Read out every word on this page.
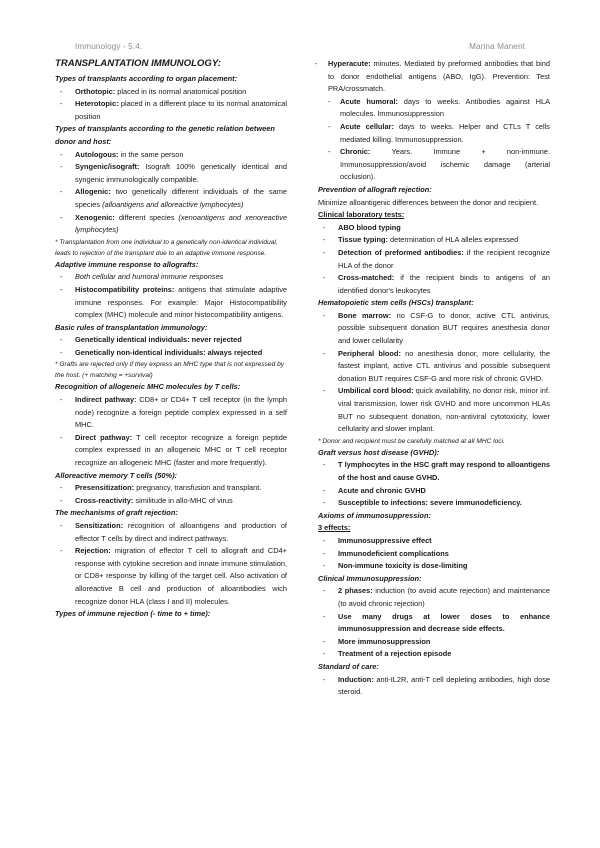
Immunology - 5.4.	Marina Manent
TRANSPLANTATION IMMUNOLOGY:
Types of transplants according to organ placement:
- Orthotopic: placed in its normal anatomical position
- Heterotopic: placed in a different place to its normal anatomical position
Types of transplants according to the genetic relation between donor and host:
- Autologous: in the same person
- Syngenic/isograft: Isograft 100% genetically identical and syngenic immunologically compatible.
- Allogenic: two genetically different individuals of the same species (alloantigens and alloreactive lymphocytes)
- Xenogenic: different species (xenoantigens and xenoreactive lymphocytes)

* Transplantation from one individual to a genetically non-identical individual, leads to rejection of the transplant due to an adaptive immune response.

Adaptive immune response to allografts:
- Both cellular and humoral immune responses
- Histocompatibility proteins: antigens that stimulate adaptive immune responses. For example: Major Histocompatibility complex (MHC) molecule and minor histocompatibility antigens.
Basic rules of transplantation immunology:
- Genetically identical individuals: never rejected
- Genetically non-identical individuals: always rejected

* Grafts are rejected only if they express an MHC type that is not expressed by the host. (+ matching = +survival)

Recognition of allogeneic MHC molecules by T cells:
- Indirect pathway: CD8+ or CD4+ T cell receptor (in the lymph node) recognize a foreign peptide complex expressed in a self MHC.
- Direct pathway: T cell receptor recognize a foreign peptide complex expressed in an allogeneic MHC or T cell receptor recognize an allogeneic MHC (faster and more frequently).
Alloreactive memory T cells (50%):
- Presensitization: pregnancy, transfusion and transplant.
- Cross-reactivity: similitude in allo-MHC of virus
The mechanisms of graft rejection:
- Sensitization: recognition of alloantigens and production of effector T cells by direct and indirect pathways.
- Rejection: migration of effector T cell to allograft and CD4+ response with cytokine secretion and innate immune stimulation, or CD8+ response by killing of the target cell. Also activation of alloreactive B cell and production of alloantibodies wich recognize donor HLA (class I and II) molecules.
Types of immune rejection (- time to + time):
- Hyperacute: minutes. Mediated by preformed antibodies that bind to donor endothelial antigens (ABO, IgG). Prevention: Test PRA/crossmatch.
- Acute humoral: days to weeks. Antibodies against HLA molecules. Immunosuppression
- Acute cellular: days to weeks. Helper and CTLs T cells mediated killing. Immunosuppression.
- Chronic: Years. Immune + non-immune. Immunosuppression/avoid ischemic damage (arterial occlusion).
Prevention of allograft rejection:

Minimize alloantigenic differences between the donor and recipient.

Clinical laboratory tests:
- ABO blood typing
- Tissue typing: determination of HLA alleles expressed
- Detection of preformed antibodies: if the recipient recognize HLA of the donor
- Cross-matched: if the recipient binds to antigens of an identified donor's leukocytes
Hematopoietic stem cells (HSCs) transplant:
- Bone marrow: no CSF-G to donor, active CTL antivirus, possible subsequent donation BUT requires anesthesia donor and lower cellularity
- Peripheral blood: no anesthesia donor, more cellularity, the fastest implant, active CTL antivirus and possible subsequent donation BUT requires CSF-G and more risk of chronic GVHD.
- Umbilical cord blood: quick availability, no donor risk, minor inf. viral transmission, lower risk GVHD and more uncommon HLAs BUT no subsequent donation, non-antiviral cytotoxicity, lower cellularity and slower implant.

* Donor and recipient must be carefully matched at all MHC loci.

Graft versus host disease (GVHD):
- T lymphocytes in the HSC graft may respond to alloantigens of the host and cause GVHD.
- Acute and chronic GVHD
- Susceptible to infections: severe immunodeficiency.
Axioms of immunosuppression:
3 effects:
- Immunosuppressive effect
- Immunodeficient complications
- Non-immune toxicity is dose-limiting
Clinical Immunosuppression:
- 2 phases: induction (to avoid acute rejection) and maintenance (to avoid chronic rejection)
- Use many drugs at lower doses to enhance immunosuppression and decrease side effects.
- More immunosuppression
- Treatment of a rejection episode
Standard of care:
- Induction: anti-IL2R, anti-T cell depleting antibodies, high dose steroid.
